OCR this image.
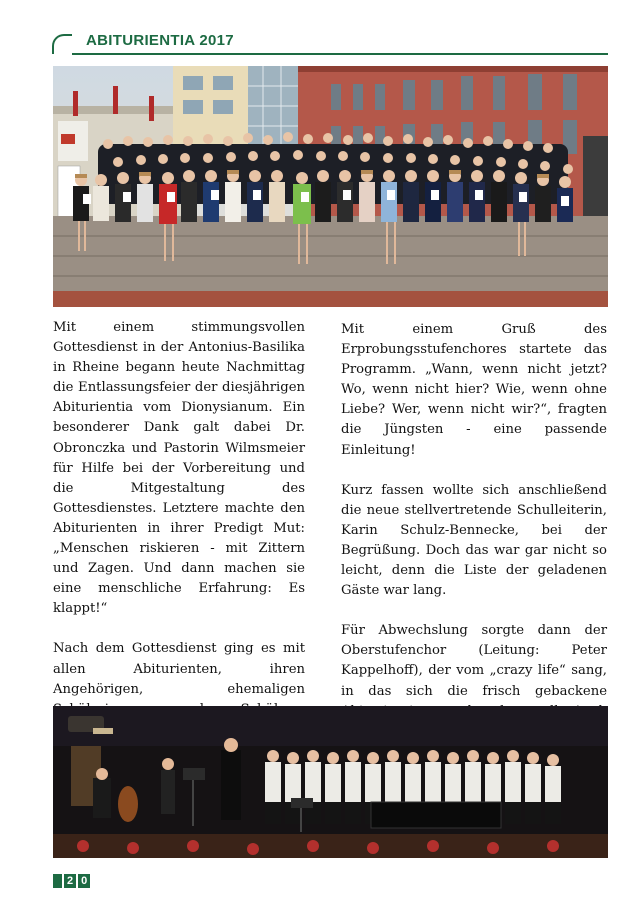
ABITURIENTIA 2017

Mit einem stimmungsvollen Gottesdienst in der Antonius-Basilika in Rheine begann heute Nachmittag die Entlassungsfeier der diesjährigen Abiturientia vom Dionysianum. Ein besonderer Dank galt dabei Dr. Obronczka und Pastorin Wilmsmeier für Hilfe bei der Vorbereitung und die Mitgestaltung des Gottesdienstes. Letztere machte den Abiturienten in ihrer Predigt Mut: „Menschen riskieren - mit Zittern und Zagen. Und dann machen sie eine menschliche Erfahrung: Es klappt!“

Nach dem Gottesdienst ging es mit allen Abiturienten, ihren Angehörigen, ehemaligen

Mit einem Gruß des Erprobungsstufenchores startete das Programm. „Wann, wenn nicht jetzt? Wo, wenn nicht hier? Wie, wenn ohne Liebe? Wer, wenn nicht wir?“, fragten die Jüngsten - eine passende Einleitung!

Kurz fassen wollte sich anschließend die neue stellvertretende Schulleiterin, Karin Schulz-Bennecke, bei der Begrüßung. Doch das war gar nicht so leicht, denn die Liste der geladenen Gäste war lang.

Für Abwechslung sorgte dann der Oberstufenchor (Leitung: Peter Kappelhoff), der vom „crazy life“ sang, in das sich die frisch gebackene

2 0
